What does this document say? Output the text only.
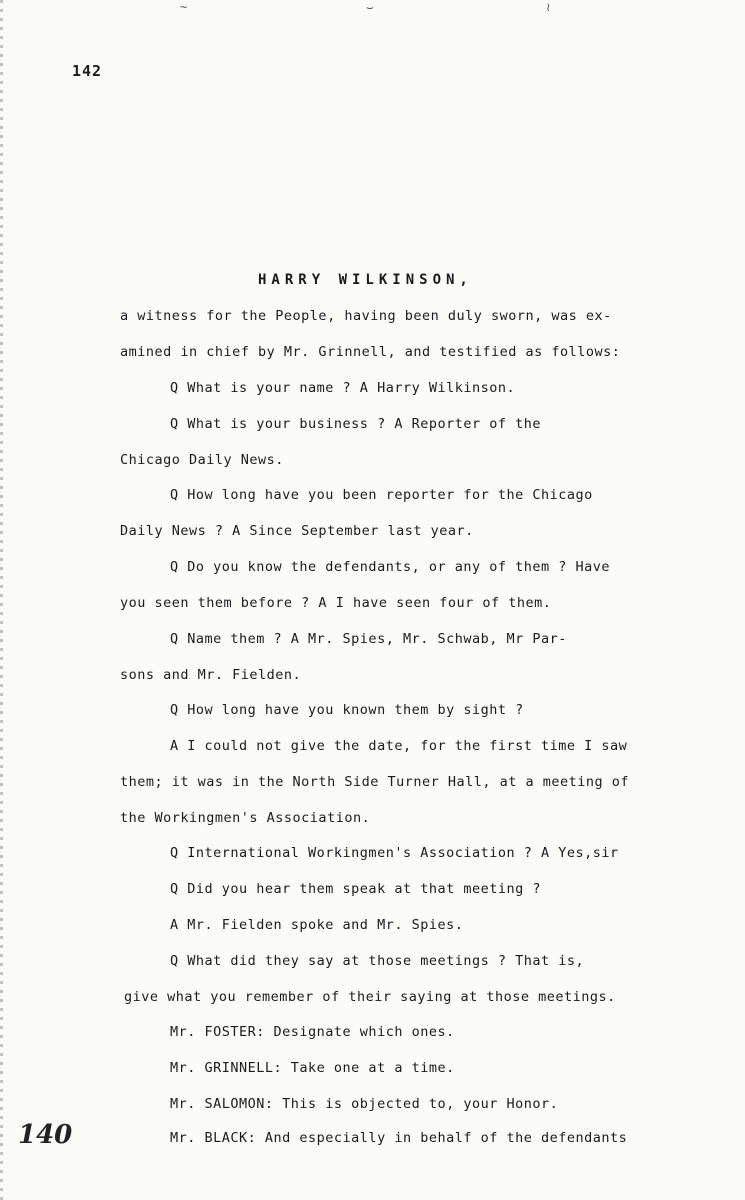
~	⌣	≀
142
HARRY WILKINSON,
a witness for the People, having been duly sworn, was ex-
amined in chief by Mr. Grinnell, and testified as follows:
Q What is your name ? A Harry Wilkinson.
Q What is your business ? A Reporter of the
Chicago Daily News.
Q How long have you been reporter for the Chicago
Daily News ? A Since September last year.
Q Do you know the defendants, or any of them ? Have
you seen them before ? A I have seen four of them.
Q Name them ? A Mr. Spies, Mr. Schwab, Mr Par-
sons and Mr. Fielden.
Q How long have you known them by sight ?
A I could not give the date, for the first time I saw
them; it was in the North Side Turner Hall, at a meeting of
the Workingmen's Association.
Q International Workingmen's Association ? A Yes,sir
Q Did you hear them speak at that meeting ?
A Mr. Fielden spoke and Mr. Spies.
Q What did they say at those meetings ? That is,
give what you remember of their saying at those meetings.
Mr. FOSTER: Designate which ones.
Mr. GRINNELL: Take one at a time.
Mr. SALOMON: This is objected to, your Honor.
Mr. BLACK: And especially in behalf of the defendants
140
